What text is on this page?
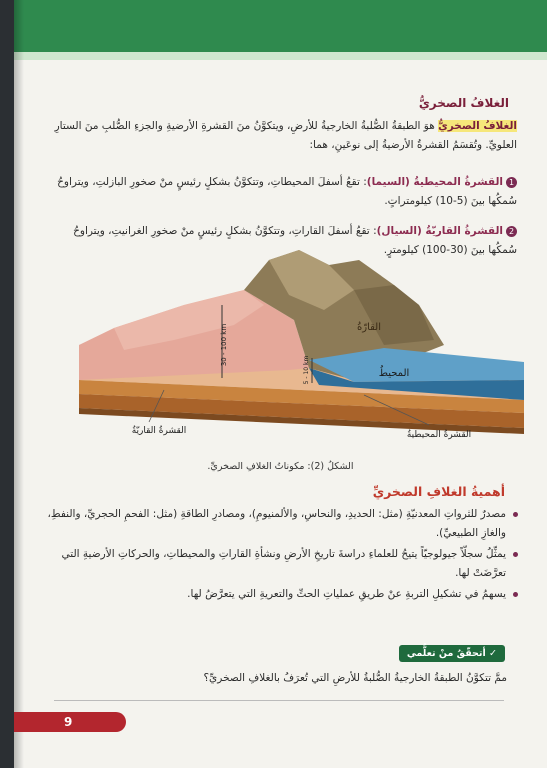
الغلافُ الصخريُّ
الغلافُ الصخريُّ هوَ الطبقةُ الصُّلبةُ الخارجيةُ للأرضِ، ويتكوَّنُ منَ القشرةِ الأرضيةِ والجزءِ الصُّلبِ منَ الستارِ العلويِّ. وتُقسَمُ القشرةُ الأرضيةُ إلى نوعَينِ، هما:
1القشرةُ المحيطيةُ (السيما): تقعُ أسفلَ المحيطاتِ، وتتكوَّنُ بشكلٍ رئيسٍ منْ صخورِ البازلتِ، ويتراوحُ سُمكُها بينَ (5-10) كيلومتراتٍ.
2القشرةُ القاريّةُ (السيال): تقعُ أسفلَ القاراتِ، وتتكوَّنُ بشكلٍ رئيسٍ منْ صخورِ الغرانيتِ، ويتراوحُ سُمكُها بينَ (30-100) كيلومترٍ.
30 - 100 km
5 - 10 km
القارّةُ
المحيطُ
القشرةُ القاريّةُ	القشرةُ المحيطيةُ
الشكلُ (2): مكوناتُ الغلافِ الصخريِّ.
أهميةُ الغلافِ الصخريِّ
مصدرٌ للثرواتِ المعدنيّةِ (مثل: الحديدِ، والنحاسِ، والألمنيومِ)، ومصادرِ الطاقةِ (مثل: الفحمِ الحجريِّ، والنفطِ، والغازِ الطبيعيِّ).
يمثِّلُ سجلّاً جيولوجيّاً يتيحُ للعلماءِ دراسةَ تاريخِ الأرضِ ونشأةِ القاراتِ والمحيطاتِ، والحركاتِ الأرضيةِ التي تعرَّضَتْ لها.
يسهمُ في تشكيلِ التربةِ عنْ طريقِ عملياتِ الحتِّ والتعريةِ التي يتعرَّضُ لها.
✓ أتحقّقُ منْ تعلُّمي
ممَّ تتكوَّنُ الطبقةُ الخارجيةُ الصُّلبةُ للأرضِ التي تُعرَفُ بالغلافِ الصخريِّ؟
9
